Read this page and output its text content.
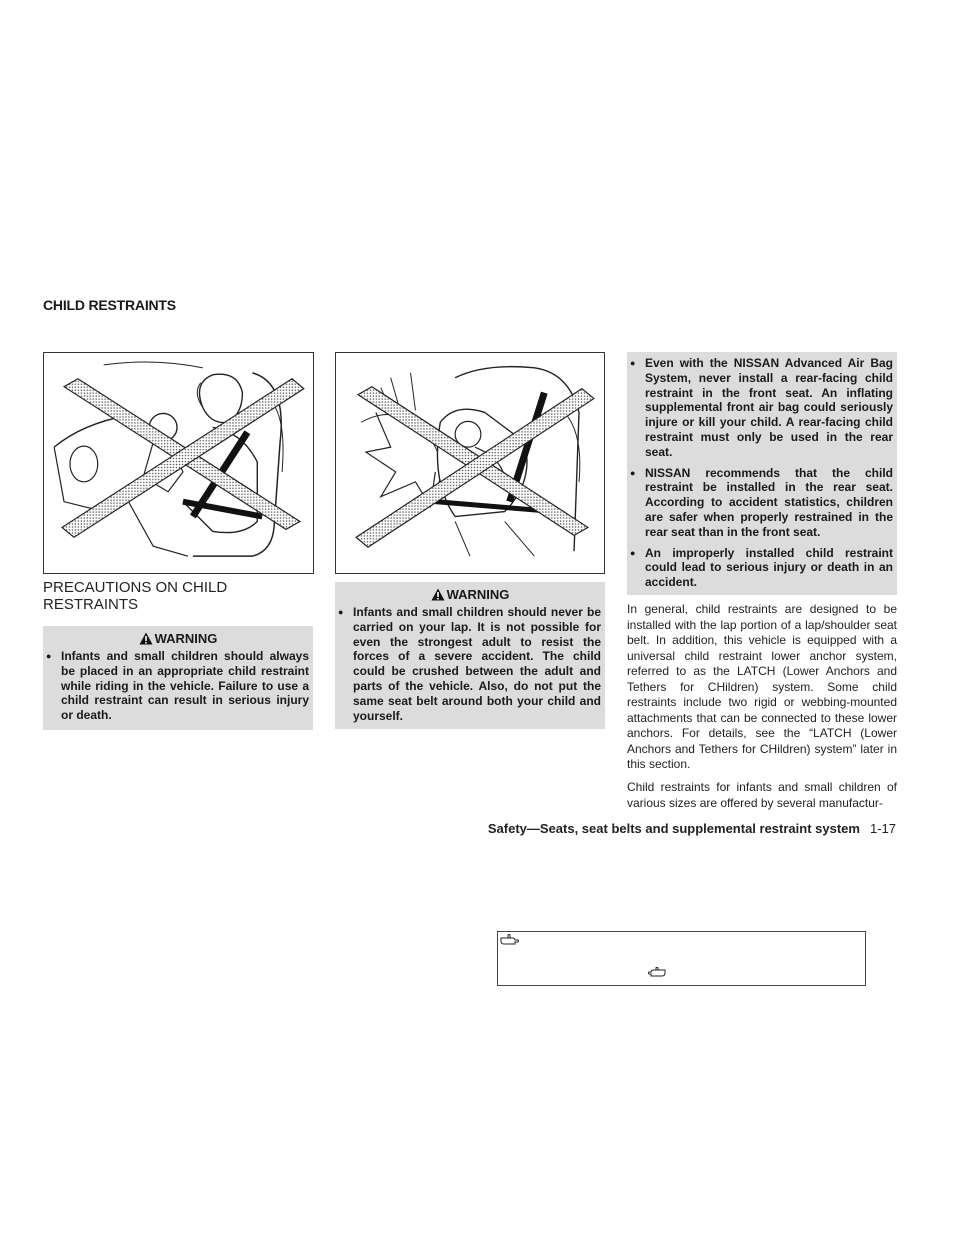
CHILD RESTRAINTS
PRECAUTIONS ON CHILD RESTRAINTS
WARNING
● Infants and small children should always be placed in an appropriate child restraint while riding in the vehicle. Failure to use a child restraint can result in serious injury or death.
WARNING
● Infants and small children should never be carried on your lap. It is not possible for even the strongest adult to resist the forces of a severe accident. The child could be crushed between the adult and parts of the vehicle. Also, do not put the same seat belt around both your child and yourself.
● Even with the NISSAN Advanced Air Bag System, never install a rear-facing child restraint in the front seat. An inflating supplemental front air bag could seriously injure or kill your child. A rear-facing child restraint must only be used in the rear seat.
● NISSAN recommends that the child restraint be installed in the rear seat. According to accident statistics, children are safer when properly restrained in the rear seat than in the front seat.
● An improperly installed child restraint could lead to serious injury or death in an accident.
In general, child restraints are designed to be installed with the lap portion of a lap/shoulder seat belt. In addition, this vehicle is equipped with a universal child restraint lower anchor system, referred to as the LATCH (Lower Anchors and Tethers for CHildren) system. Some child restraints include two rigid or webbing-mounted attachments that can be connected to these lower anchors. For details, see the “LATCH (Lower Anchors and Tethers for CHildren) system” later in this section.
Child restraints for infants and small children of various sizes are offered by several manufactur-
Safety—Seats, seat belts and supplemental restraint system 1-17
